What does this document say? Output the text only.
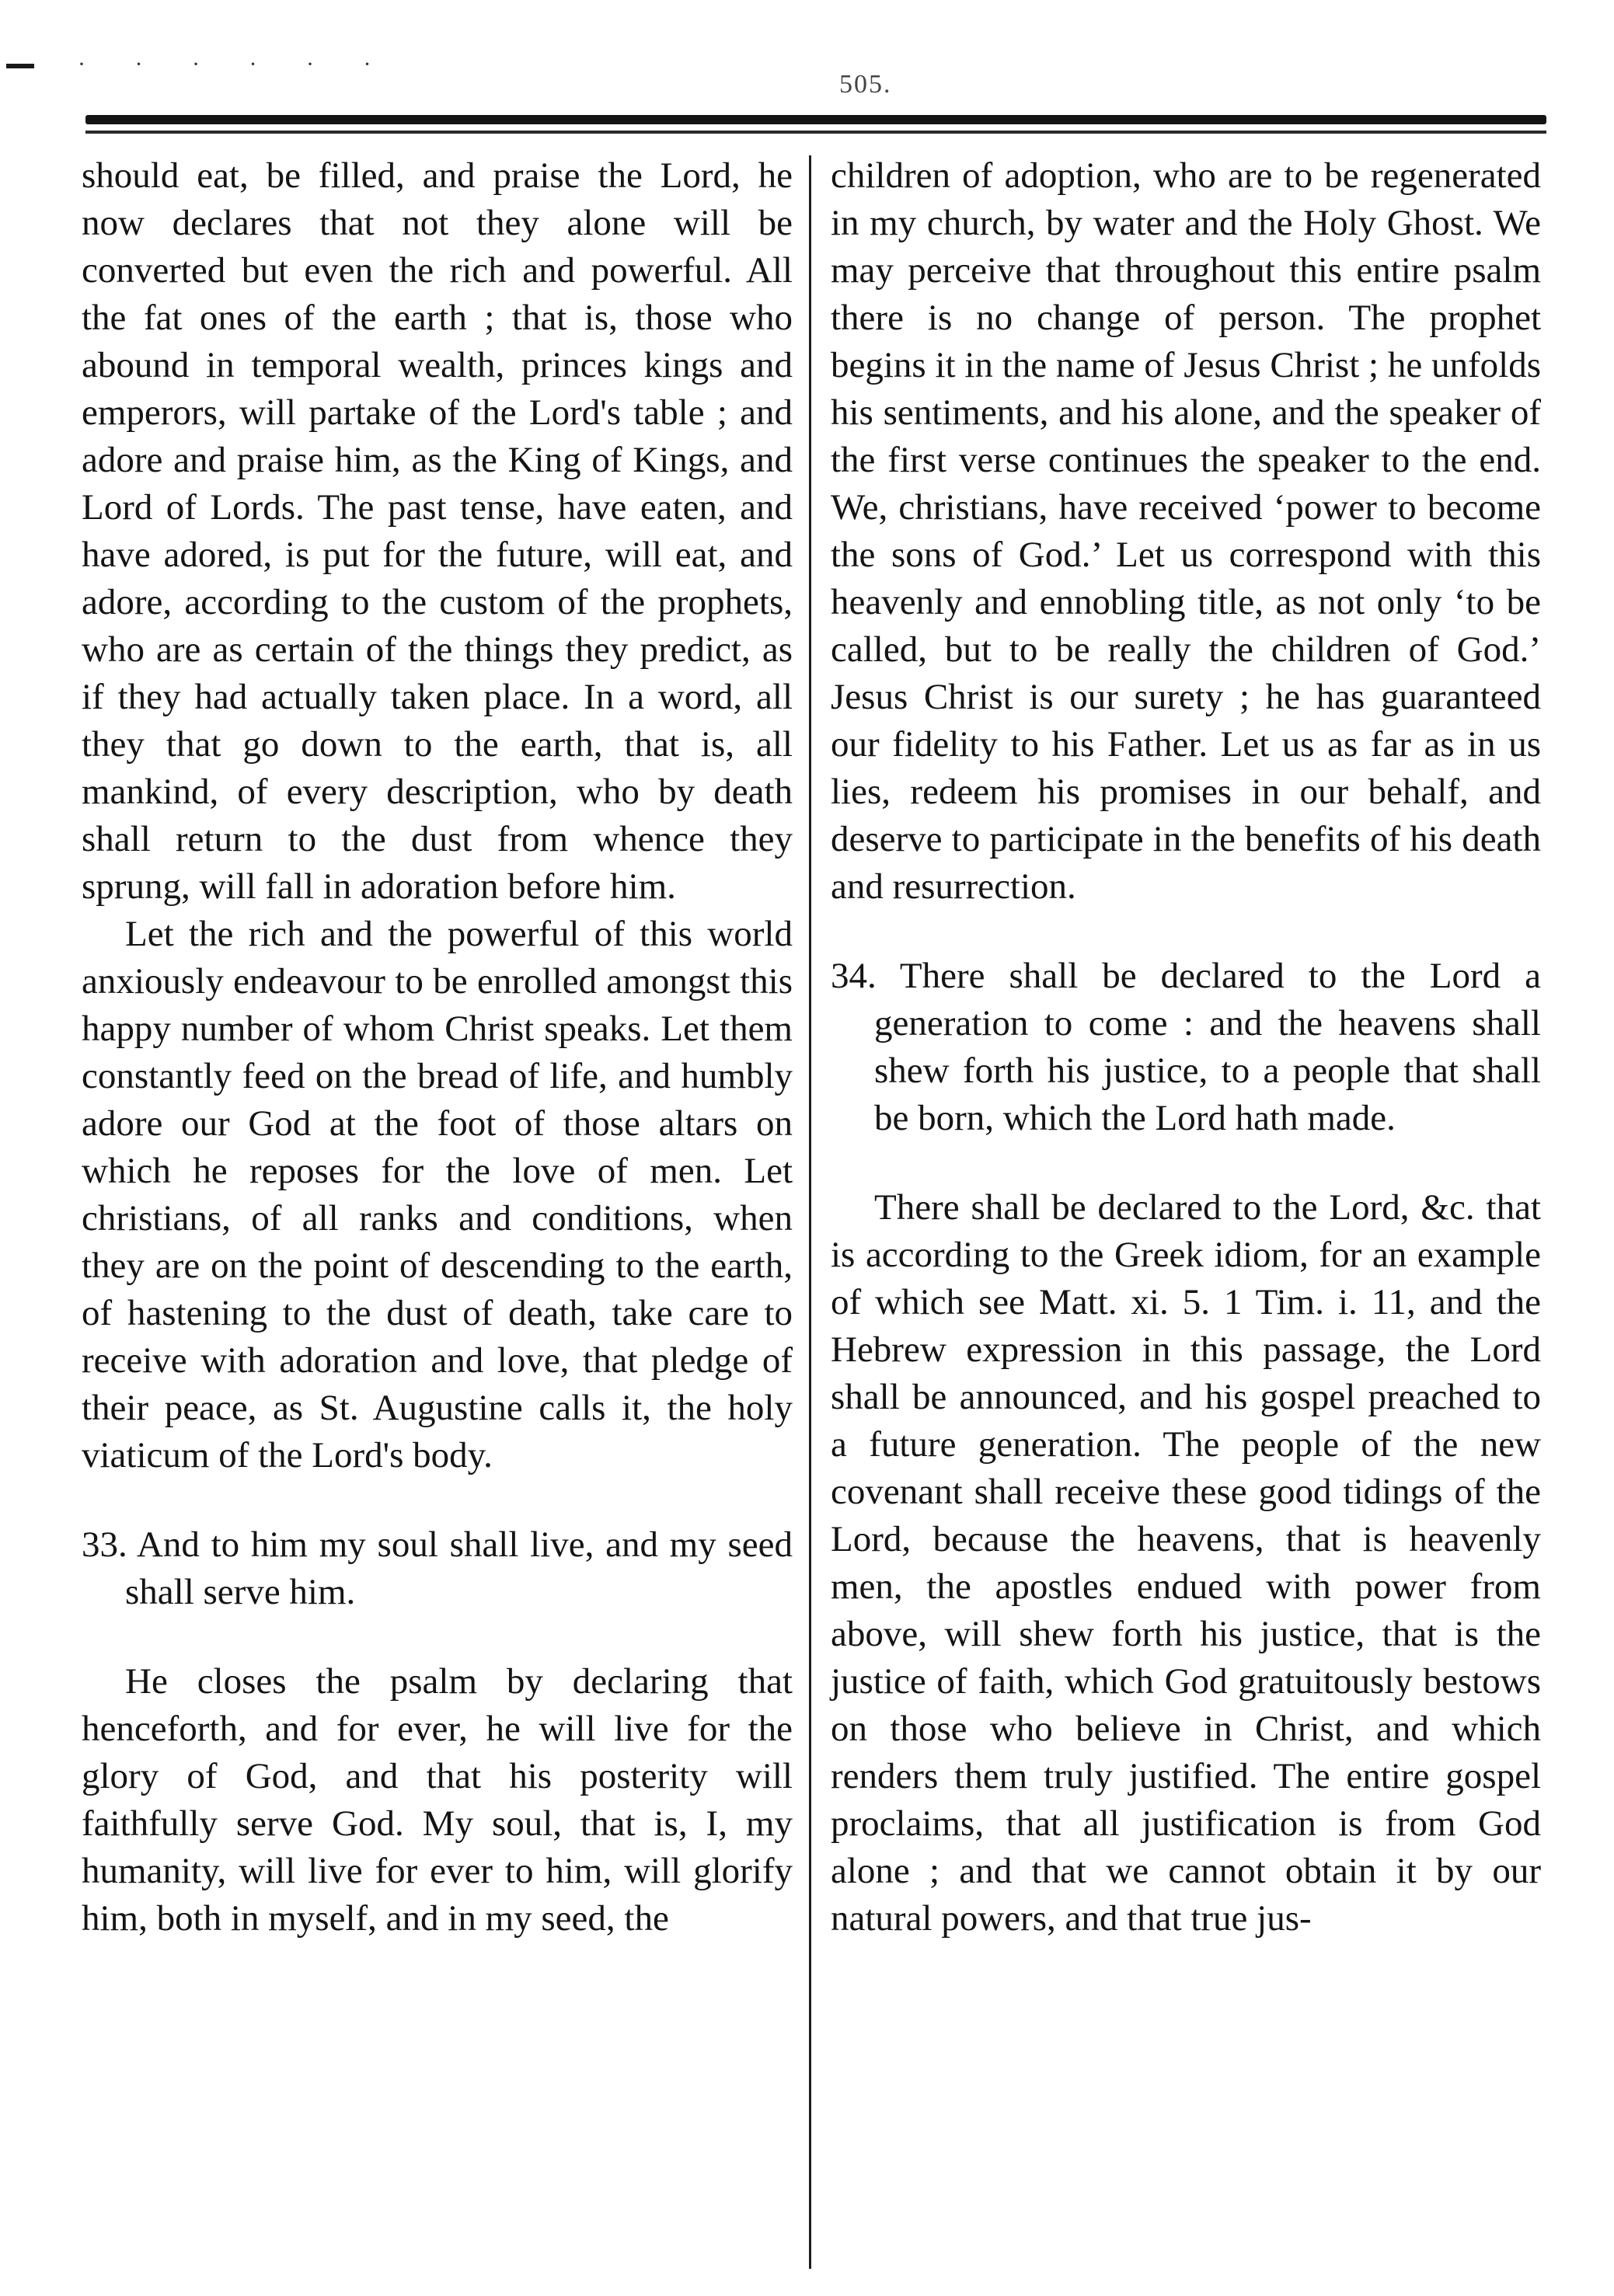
· · · · · ·
505.

should eat, be filled, and praise the Lord, he now declares that not they alone will be converted but even the rich and powerful. All the fat ones of the earth ; that is, those who abound in temporal wealth, princes kings and emperors, will partake of the Lord's table ; and adore and praise him, as the King of Kings, and Lord of Lords. The past tense, have eaten, and have adored, is put for the future, will eat, and adore, according to the custom of the prophets, who are as certain of the things they predict, as if they had actually taken place. In a word, all they that go down to the earth, that is, all mankind, of every description, who by death shall return to the dust from whence they sprung, will fall in adoration before him.

Let the rich and the powerful of this world anxiously endeavour to be enrolled amongst this happy number of whom Christ speaks. Let them constantly feed on the bread of life, and humbly adore our God at the foot of those altars on which he reposes for the love of men. Let christians, of all ranks and conditions, when they are on the point of descending to the earth, of hastening to the dust of death, take care to receive with adoration and love, that pledge of their peace, as St. Augustine calls it, the holy viaticum of the Lord's body.

33. And to him my soul shall live, and my seed shall serve him.

He closes the psalm by declaring that henceforth, and for ever, he will live for the glory of God, and that his posterity will faithfully serve God. My soul, that is, I, my humanity, will live for ever to him, will glorify him, both in myself, and in my seed, the

children of adoption, who are to be regenerated in my church, by water and the Holy Ghost. We may perceive that throughout this entire psalm there is no change of person. The prophet begins it in the name of Jesus Christ ; he unfolds his sentiments, and his alone, and the speaker of the first verse continues the speaker to the end. We, christians, have received ‘power to become the sons of God.’ Let us correspond with this heavenly and ennobling title, as not only ‘to be called, but to be really the children of God.’ Jesus Christ is our surety ; he has guaranteed our fidelity to his Father. Let us as far as in us lies, redeem his promises in our behalf, and deserve to participate in the benefits of his death and resurrection.

34. There shall be declared to the Lord a generation to come : and the heavens shall shew forth his justice, to a people that shall be born, which the Lord hath made.

There shall be declared to the Lord, &c. that is according to the Greek idiom, for an example of which see Matt. xi. 5. 1 Tim. i. 11, and the Hebrew expression in this passage, the Lord shall be announced, and his gospel preached to a future generation. The people of the new covenant shall receive these good tidings of the Lord, because the heavens, that is heavenly men, the apostles endued with power from above, will shew forth his justice, that is the justice of faith, which God gratuitously bestows on those who believe in Christ, and which renders them truly justified. The entire gospel proclaims, that all justification is from God alone ; and that we cannot obtain it by our natural powers, and that true jus-
